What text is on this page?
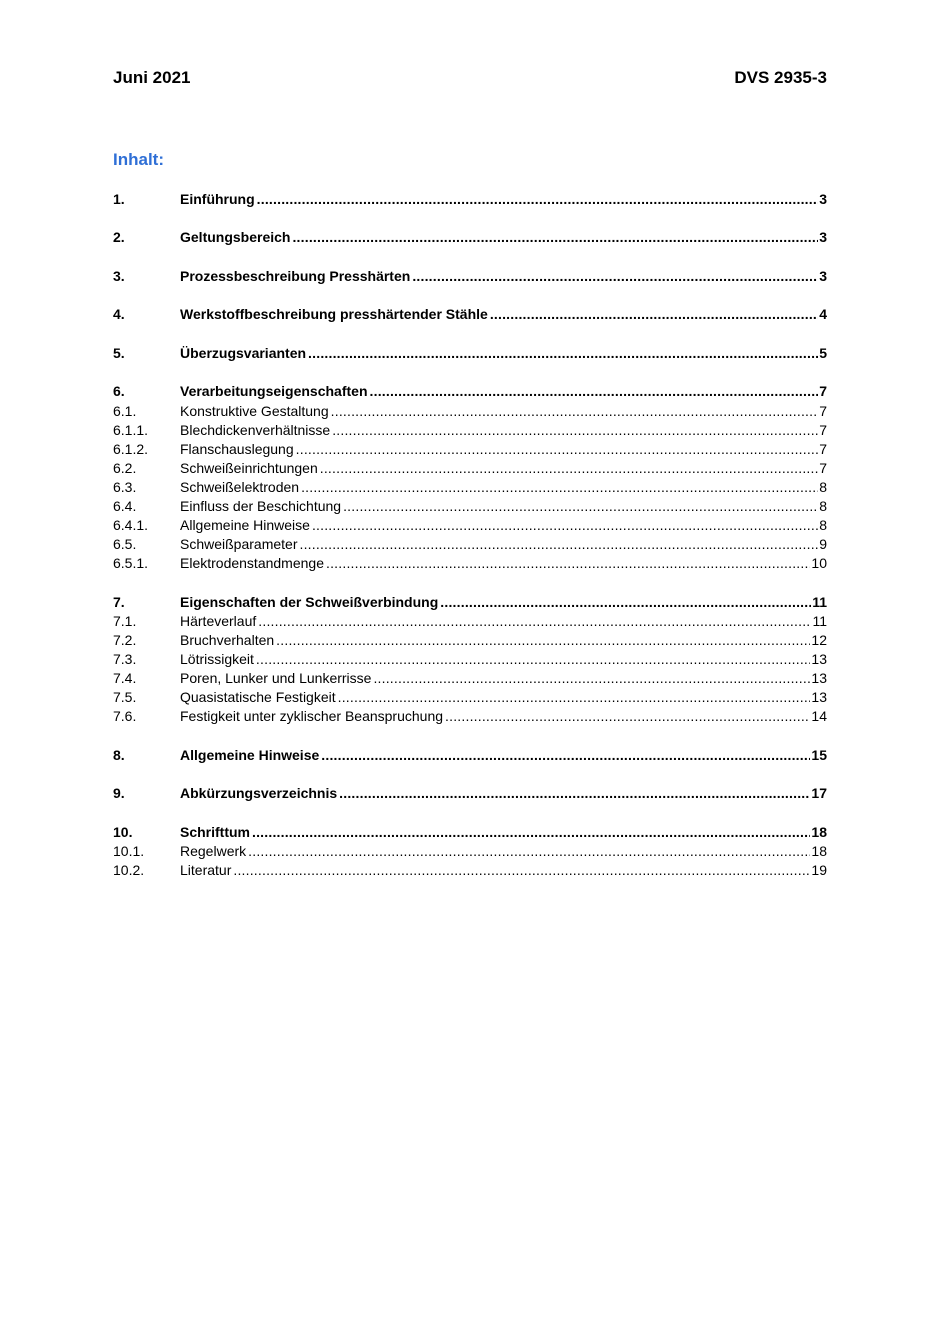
Juni 2021	DVS 2935-3
Inhalt:
1.	Einführung .....	3
2.	Geltungsbereich .....	3
3.	Prozessbeschreibung Presshärten .....	3
4.	Werkstoffbeschreibung presshärtender Stähle .....	4
5.	Überzugsvarianten .....	5
6.	Verarbeitungseigenschaften .....	7
6.1.	Konstruktive Gestaltung .....	7
6.1.1.	Blechdickenverhältnisse .....	7
6.1.2.	Flanschauslegung .....	7
6.2.	Schweißeinrichtungen .....	7
6.3.	Schweißelektroden .....	8
6.4.	Einfluss der Beschichtung .....	8
6.4.1.	Allgemeine Hinweise .....	8
6.5.	Schweißparameter .....	9
6.5.1.	Elektrodenstandmenge .....	10
7.	Eigenschaften der Schweißverbindung .....	11
7.1.	Härteverlauf .....	11
7.2.	Bruchverhalten .....	12
7.3.	Lötrissigkeit .....	13
7.4.	Poren, Lunker und Lunkerrisse .....	13
7.5.	Quasistatische Festigkeit .....	13
7.6.	Festigkeit unter zyklischer Beanspruchung .....	14
8.	Allgemeine Hinweise .....	15
9.	Abkürzungsverzeichnis .....	17
10.	Schrifttum .....	18
10.1.	Regelwerk .....	18
10.2.	Literatur .....	19
